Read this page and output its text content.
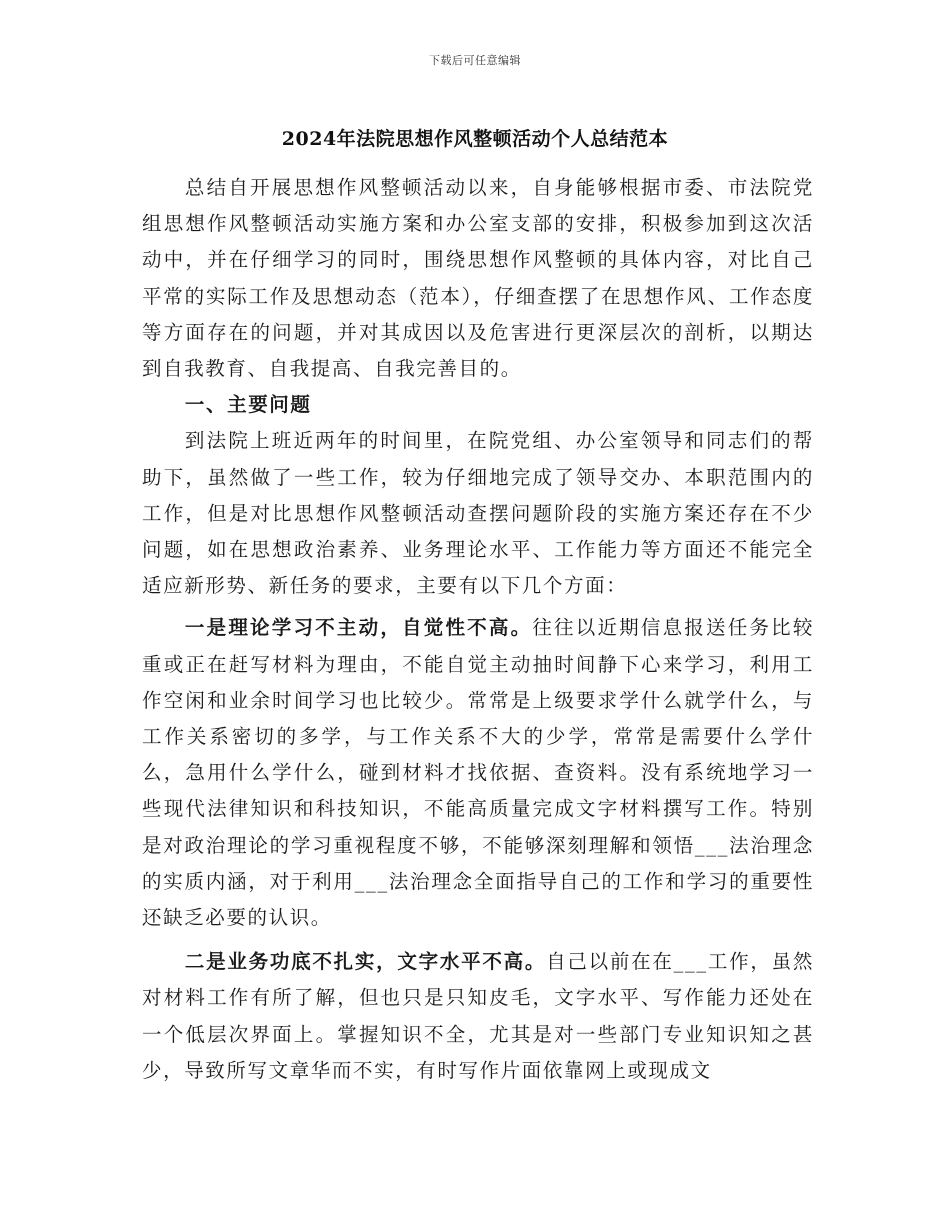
下载后可任意编辑
2024年法院思想作风整顿活动个人总结范本

总结自开展思想作风整顿活动以来，自身能够根据市委、市法院党组思想作风整顿活动实施方案和办公室支部的安排，积极参加到这次活动中，并在仔细学习的同时，围绕思想作风整顿的具体内容，对比自己平常的实际工作及思想动态（范本），仔细查摆了在思想作风、工作态度等方面存在的问题，并对其成因以及危害进行更深层次的剖析，以期达到自我教育、自我提高、自我完善目的。

一、主要问题

到法院上班近两年的时间里，在院党组、办公室领导和同志们的帮助下，虽然做了一些工作，较为仔细地完成了领导交办、本职范围内的工作，但是对比思想作风整顿活动查摆问题阶段的实施方案还存在不少问题，如在思想政治素养、业务理论水平、工作能力等方面还不能完全适应新形势、新任务的要求，主要有以下几个方面：

一是理论学习不主动，自觉性不高。往往以近期信息报送任务比较重或正在赶写材料为理由，不能自觉主动抽时间静下心来学习，利用工作空闲和业余时间学习也比较少。常常是上级要求学什么就学什么，与工作关系密切的多学，与工作关系不大的少学，常常是需要什么学什么，急用什么学什么，碰到材料才找依据、查资料。没有系统地学习一些现代法律知识和科技知识，不能高质量完成文字材料撰写工作。特别是对政治理论的学习重视程度不够，不能够深刻理解和领悟___法治理念的实质内涵，对于利用___法治理念全面指导自己的工作和学习的重要性还缺乏必要的认识。

二是业务功底不扎实，文字水平不高。自己以前在在___工作，虽然对材料工作有所了解，但也只是只知皮毛，文字水平、写作能力还处在一个低层次界面上。掌握知识不全，尤其是对一些部门专业知识知之甚少，导致所写文章华而不实，有时写作片面依靠网上或现成文
